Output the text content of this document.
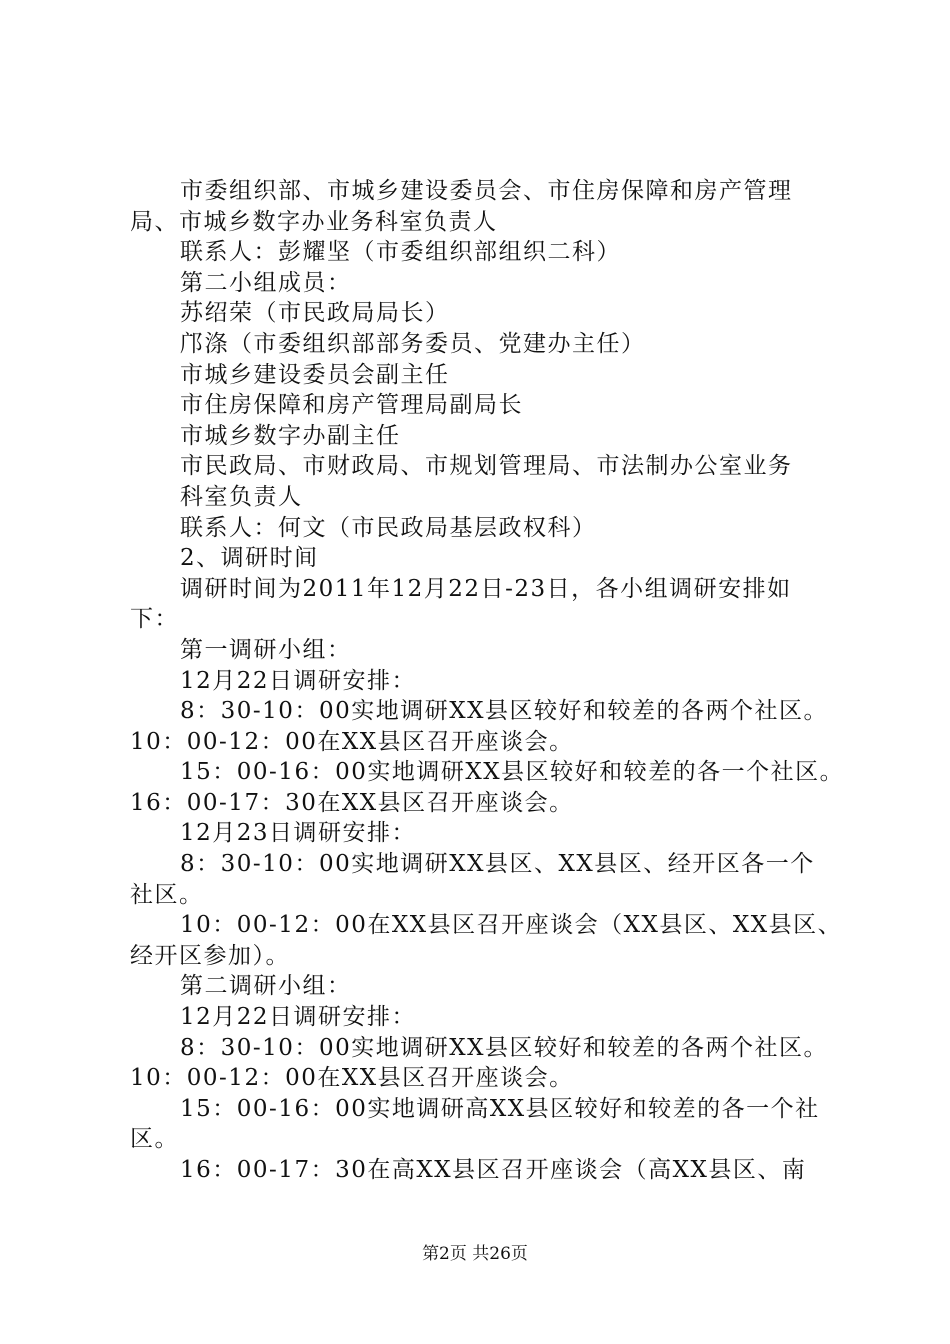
市委组织部、市城乡建设委员会、市住房保障和房产管理
局、市城乡数字办业务科室负责人
联系人：彭耀坚（市委组织部组织二科）
第二小组成员：
苏绍荣（市民政局局长）
邝涤（市委组织部部务委员、党建办主任）
市城乡建设委员会副主任
市住房保障和房产管理局副局长
市城乡数字办副主任
市民政局、市财政局、市规划管理局、市法制办公室业务
科室负责人
联系人：何文（市民政局基层政权科）
2、调研时间
调研时间为2011年12月22日-23日，各小组调研安排如
下：
第一调研小组：
12月22日调研安排：
8：30-10：00实地调研XX县区较好和较差的各两个社区。
10：00-12：00在XX县区召开座谈会。
15：00-16：00实地调研XX县区较好和较差的各一个社区。
16：00-17：30在XX县区召开座谈会。
12月23日调研安排：
8：30-10：00实地调研XX县区、XX县区、经开区各一个
社区。
10：00-12：00在XX县区召开座谈会（XX县区、XX县区、
经开区参加）。
第二调研小组：
12月22日调研安排：
8：30-10：00实地调研XX县区较好和较差的各两个社区。
10：00-12：00在XX县区召开座谈会。
15：00-16：00实地调研高XX县区较好和较差的各一个社
区。
16：00-17：30在高XX县区召开座谈会（高XX县区、南
第2页 共26页
